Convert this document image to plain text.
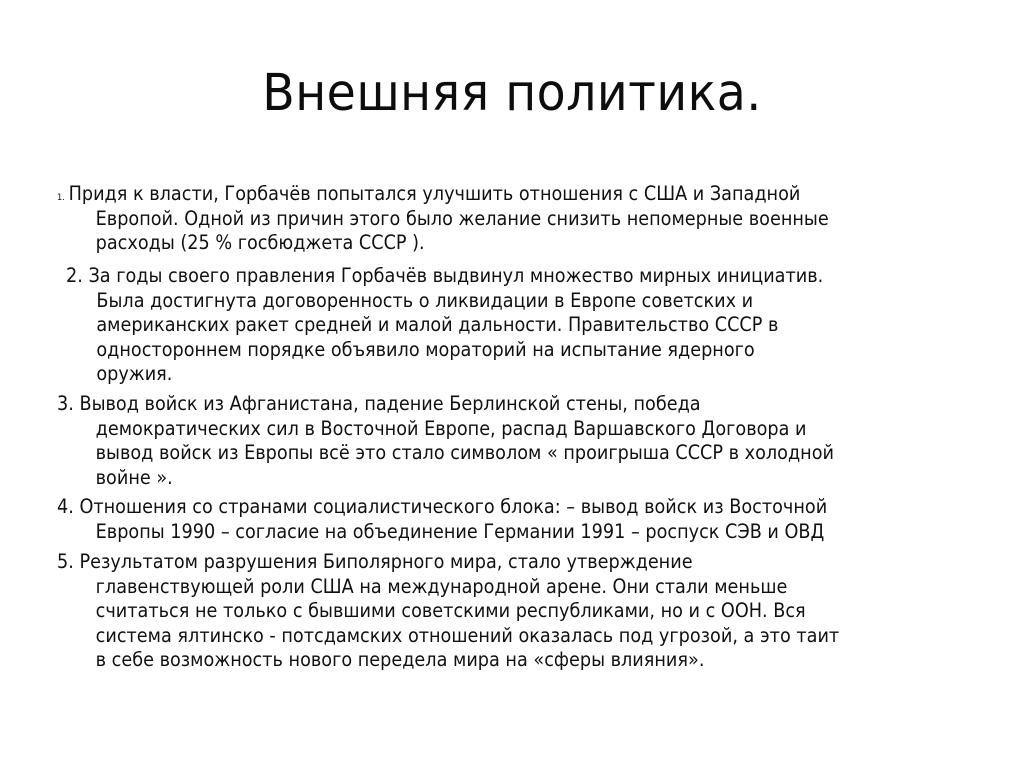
Внешняя политика.
1. Придя к власти, Горбачёв попытался улучшить отношения с США и Западной
Европой. Одной из причин этого было желание снизить непомерные военные
расходы (25 % госбюджета СССР ).
2. За годы своего правления Горбачёв выдвинул множество мирных инициатив.
Была достигнута договоренность о ликвидации в Европе советских и
американских ракет средней и малой дальности. Правительство СССР в
одностороннем порядке объявило мораторий на испытание ядерного
оружия.
3. Вывод войск из Афганистана, падение Берлинской стены, победа
демократических сил в Восточной Европе, распад Варшавского Договора и
вывод войск из Европы всё это стало символом « проигрыша СССР в холодной
войне ».
4. Отношения со странами социалистического блока: – вывод войск из Восточной
Европы 1990 – согласие на объединение Германии 1991 – роспуск СЭВ и ОВД
5. Результатом разрушения Биполярного мира, стало утверждение
главенствующей роли США на международной арене. Они стали меньше
считаться не только с бывшими советскими республиками, но и с ООН. Вся
система ялтинско - потсдамских отношений оказалась под угрозой, а это таит
в себе возможность нового передела мира на «сферы влияния».
